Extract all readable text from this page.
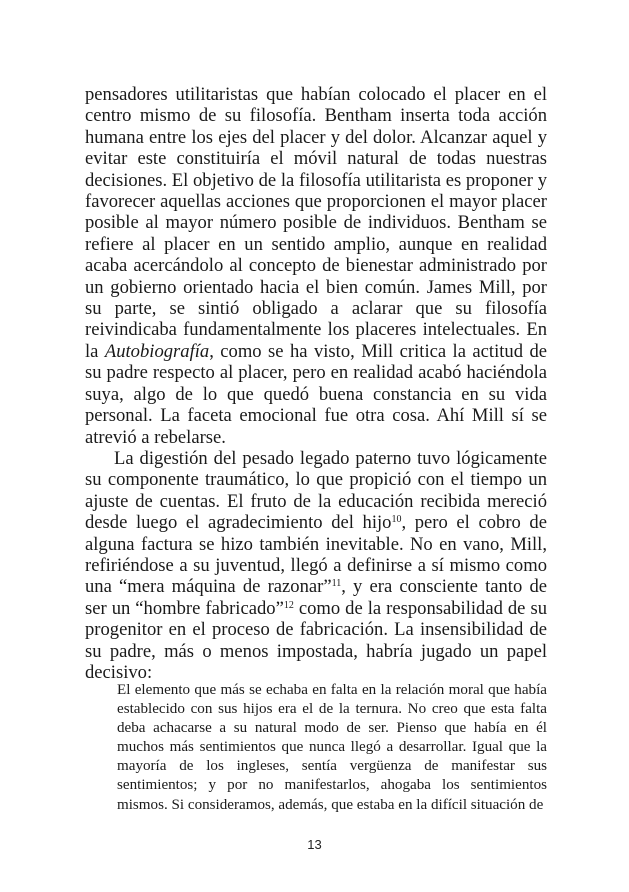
pensadores utilitaristas que habían colocado el placer en el centro mismo de su filosofía. Bentham inserta toda acción humana entre los ejes del placer y del dolor. Alcanzar aquel y evitar este constituiría el móvil natural de todas nuestras decisiones. El objetivo de la filosofía utilitarista es proponer y favorecer aquellas acciones que proporcionen el mayor placer posible al mayor número posible de individuos. Bentham se refiere al placer en un sentido amplio, aunque en realidad acaba acercándolo al concepto de bienestar administrado por un gobierno orientado hacia el bien común. James Mill, por su parte, se sintió obligado a aclarar que su filosofía reivindicaba fundamentalmente los placeres intelectuales. En la Autobiografía, como se ha visto, Mill critica la actitud de su padre respecto al placer, pero en realidad acabó haciéndola suya, algo de lo que quedó buena constancia en su vida personal. La faceta emocional fue otra cosa. Ahí Mill sí se atrevió a rebelarse.

La digestión del pesado legado paterno tuvo lógicamente su componente traumático, lo que propició con el tiempo un ajuste de cuentas. El fruto de la educación recibida mereció desde luego el agradecimiento del hijo$^{10}$, pero el cobro de alguna factura se hizo también inevitable. No en vano, Mill, refiriéndose a su juventud, llegó a definirse a sí mismo como una “mera máquina de razonar”$^{11}$, y era consciente tanto de ser un “hombre fabricado”$^{12}$ como de la responsabilidad de su progenitor en el proceso de fabricación. La insensibilidad de su padre, más o menos impostada, habría jugado un papel decisivo:

El elemento que más se echaba en falta en la relación moral que había establecido con sus hijos era el de la ternura. No creo que esta falta deba achacarse a su natural modo de ser. Pienso que había en él muchos más sentimientos que nunca llegó a desarrollar. Igual que la mayoría de los ingleses, sentía vergüenza de manifestar sus sentimientos; y por no manifestarlos, ahogaba los sentimientos mismos. Si consideramos, además, que estaba en la difícil situación de

13
